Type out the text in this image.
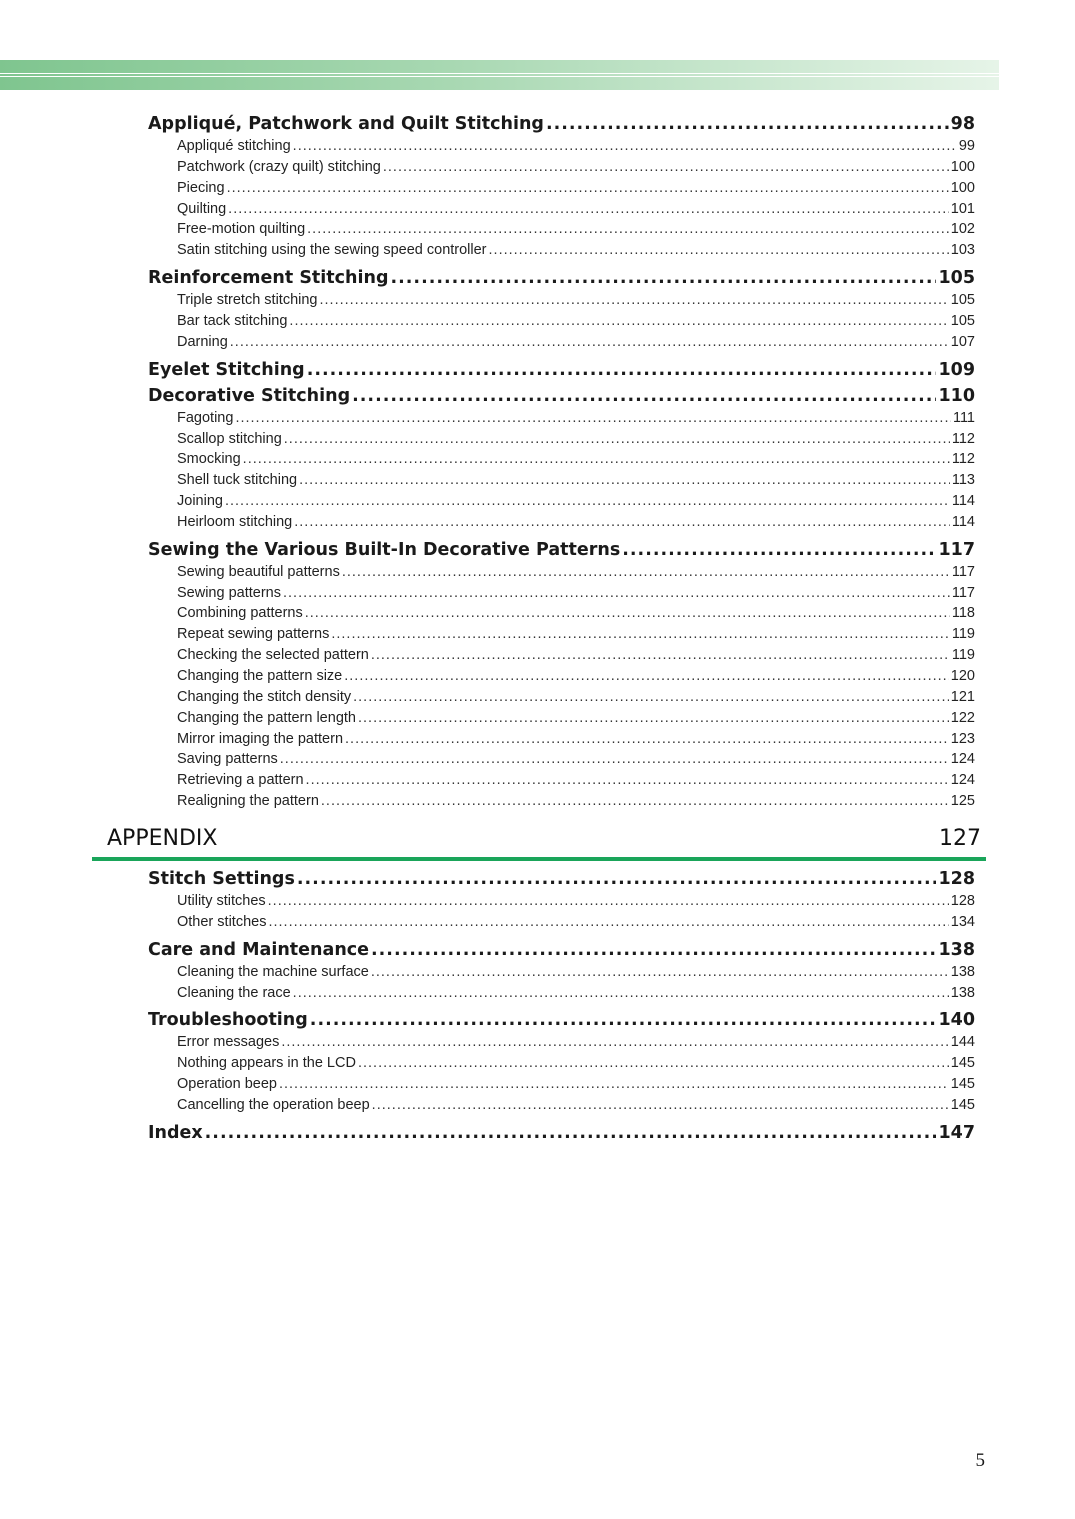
Appliqué, Patchwork and Quilt Stitching .....	98
Appliqué stitching .....	99
Patchwork (crazy quilt) stitching .....	100
Piecing .....	100
Quilting .....	101
Free-motion quilting .....	102
Satin stitching using the sewing speed controller .....	103
Reinforcement Stitching .....	105
Triple stretch stitching .....	105
Bar tack stitching .....	105
Darning .....	107
Eyelet Stitching .....	109
Decorative Stitching .....	110
Fagoting .....	111
Scallop stitching .....	112
Smocking .....	112
Shell tuck stitching .....	113
Joining .....	114
Heirloom stitching .....	114
Sewing the Various Built-In Decorative Patterns .....	117
Sewing beautiful patterns .....	117
Sewing patterns .....	117
Combining patterns .....	118
Repeat sewing patterns .....	119
Checking the selected pattern .....	119
Changing the pattern size .....	120
Changing the stitch density .....	121
Changing the pattern length .....	122
Mirror imaging the pattern .....	123
Saving patterns .....	124
Retrieving a pattern .....	124
Realigning the pattern .....	125
APPENDIX	127
Stitch Settings .....	128
Utility stitches .....	128
Other stitches .....	134
Care and Maintenance .....	138
Cleaning the machine surface .....	138
Cleaning the race .....	138
Troubleshooting .....	140
Error messages .....	144
Nothing appears in the LCD .....	145
Operation beep .....	145
Cancelling the operation beep .....	145
Index .....	147
5
